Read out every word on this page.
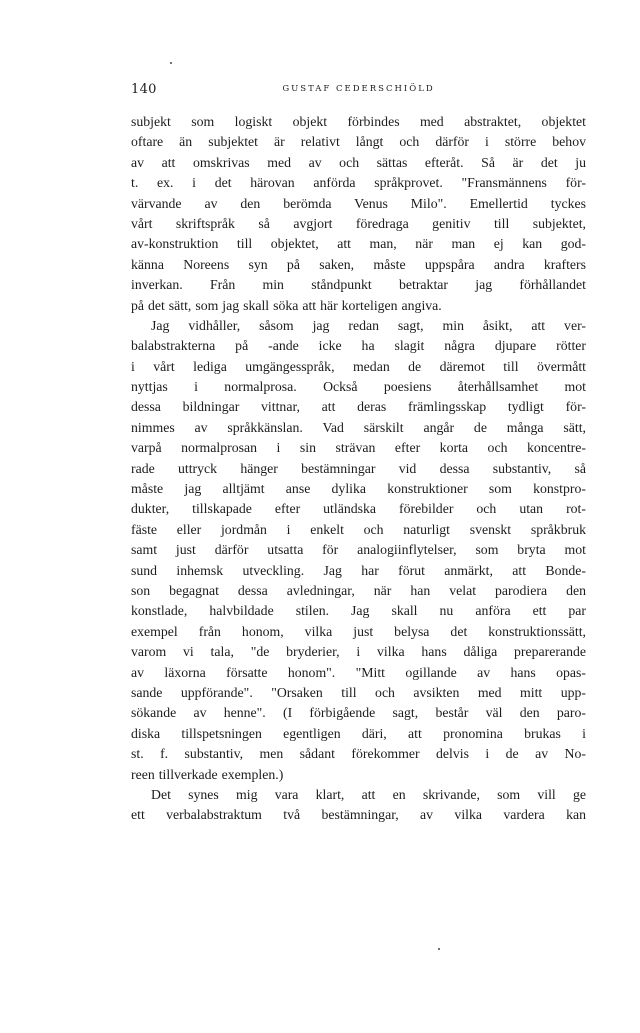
140	GUSTAF CEDERSCHIÖLD
subjekt som logiskt objekt förbindes med abstraktet, objektet
oftare än subjektet är relativt långt och därför i större behov
av att omskrivas med av och sättas efteråt. Så är det ju
t. ex. i det härovan anförda språkprovet. "Fransmännens för-
värvande av den berömda Venus Milo". Emellertid tyckes
vårt skriftspråk så avgjort föredraga genitiv till subjektet,
av-konstruktion till objektet, att man, när man ej kan god-
känna Noreens syn på saken, måste uppspåra andra krafters
inverkan. Från min ståndpunkt betraktar jag förhållandet
på det sätt, som jag skall söka att här korteligen angiva.
Jag vidhåller, såsom jag redan sagt, min åsikt, att ver-
balabstrakterna på -ande icke ha slagit några djupare rötter
i vårt lediga umgängesspråk, medan de däremot till övermått
nyttjas i normalprosa. Också poesiens återhållsamhet mot
dessa bildningar vittnar, att deras främlingsskap tydligt för-
nimmes av språkkänslan. Vad särskilt angår de många sätt,
varpå normalprosan i sin strävan efter korta och koncentre-
rade uttryck hänger bestämningar vid dessa substantiv, så
måste jag alltjämt anse dylika konstruktioner som konstpro-
dukter, tillskapade efter utländska förebilder och utan rot-
fäste eller jordmån i enkelt och naturligt svenskt språkbruk
samt just därför utsatta för analogiinflytelser, som bryta mot
sund inhemsk utveckling. Jag har förut anmärkt, att Bonde-
son begagnat dessa avledningar, när han velat parodiera den
konstlade, halvbildade stilen. Jag skall nu anföra ett par
exempel från honom, vilka just belysa det konstruktionssätt,
varom vi tala, "de bryderier, i vilka hans dåliga preparerande
av läxorna försatte honom". "Mitt ogillande av hans opas-
sande uppförande". "Orsaken till och avsikten med mitt upp-
sökande av henne". (I förbigående sagt, består väl den paro-
diska tillspetsningen egentligen däri, att pronomina brukas i
st. f. substantiv, men sådant förekommer delvis i de av No-
reen tillverkade exemplen.)
Det synes mig vara klart, att en skrivande, som vill ge
ett verbalabstraktum två bestämningar, av vilka vardera kan
